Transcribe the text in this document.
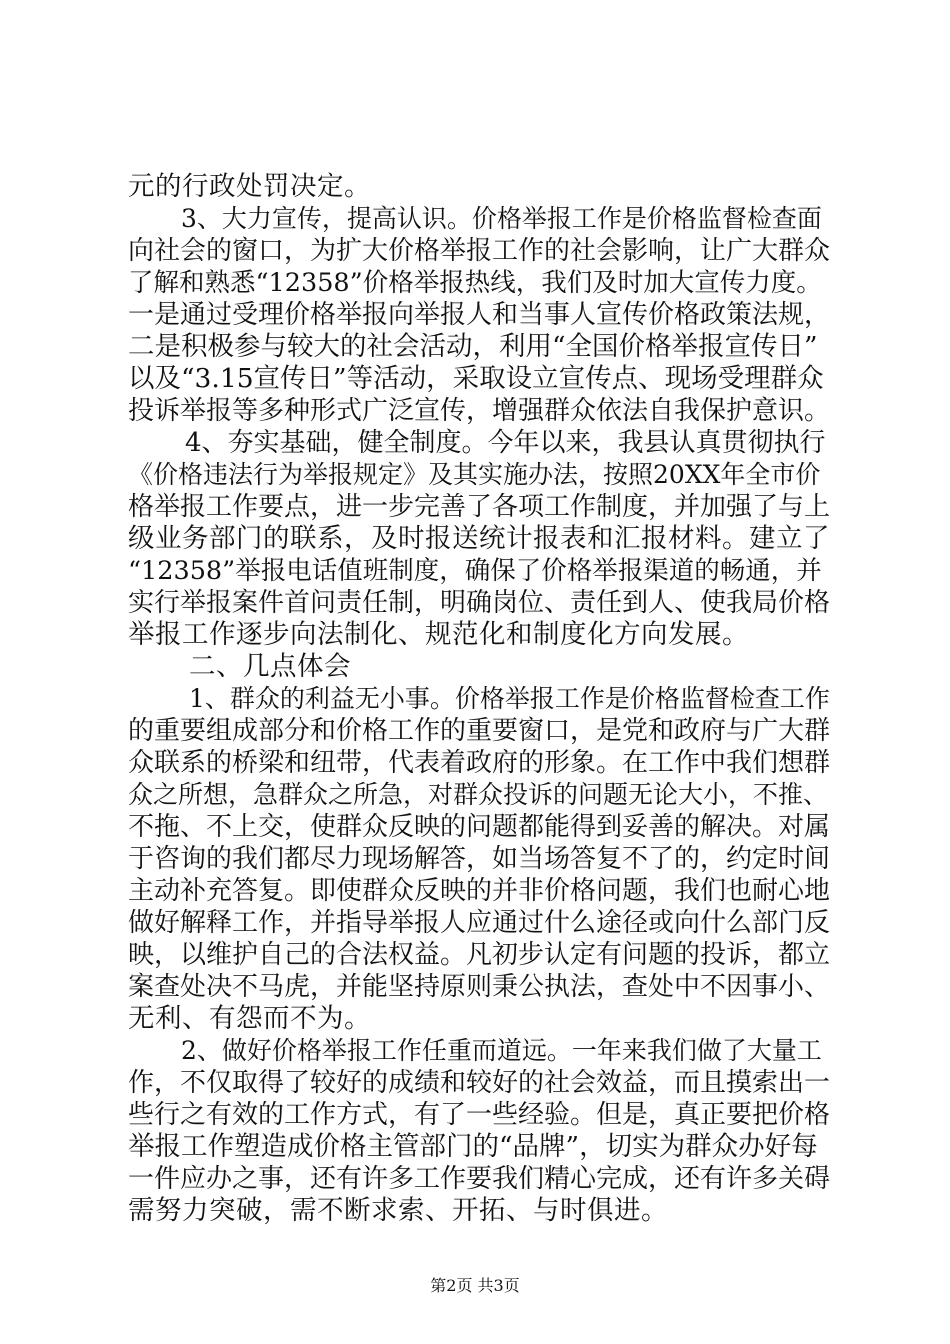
元的行政处罚决定。
3、大力宣传，提高认识。价格举报工作是价格监督检查面
向社会的窗口，为扩大价格举报工作的社会影响，让广大群众
了解和熟悉“12358”价格举报热线，我们及时加大宣传力度。
一是通过受理价格举报向举报人和当事人宣传价格政策法规，
二是积极参与较大的社会活动，利用“全国价格举报宣传日”
以及“3.15宣传日”等活动，采取设立宣传点、现场受理群众
投诉举报等多种形式广泛宣传，增强群众依法自我保护意识。
4、夯实基础，健全制度。今年以来，我县认真贯彻执行
《价格违法行为举报规定》及其实施办法，按照20XX年全市价
格举报工作要点，进一步完善了各项工作制度，并加强了与上
级业务部门的联系，及时报送统计报表和汇报材料。建立了
“12358”举报电话值班制度，确保了价格举报渠道的畅通，并
实行举报案件首问责任制，明确岗位、责任到人、使我局价格
举报工作逐步向法制化、规范化和制度化方向发展。
二、几点体会
1、群众的利益无小事。价格举报工作是价格监督检查工作
的重要组成部分和价格工作的重要窗口，是党和政府与广大群
众联系的桥梁和纽带，代表着政府的形象。在工作中我们想群
众之所想，急群众之所急，对群众投诉的问题无论大小，不推、
不拖、不上交，使群众反映的问题都能得到妥善的解决。对属
于咨询的我们都尽力现场解答，如当场答复不了的，约定时间
主动补充答复。即使群众反映的并非价格问题，我们也耐心地
做好解释工作，并指导举报人应通过什么途径或向什么部门反
映，以维护自己的合法权益。凡初步认定有问题的投诉，都立
案查处决不马虎，并能坚持原则秉公执法，查处中不因事小、
无利、有怨而不为。
2、做好价格举报工作任重而道远。一年来我们做了大量工
作，不仅取得了较好的成绩和较好的社会效益，而且摸索出一
些行之有效的工作方式，有了一些经验。但是，真正要把价格
举报工作塑造成价格主管部门的“品牌”，切实为群众办好每
一件应办之事，还有许多工作要我们精心完成，还有许多关碍
需努力突破，需不断求索、开拓、与时俱进。
第2页 共3页
